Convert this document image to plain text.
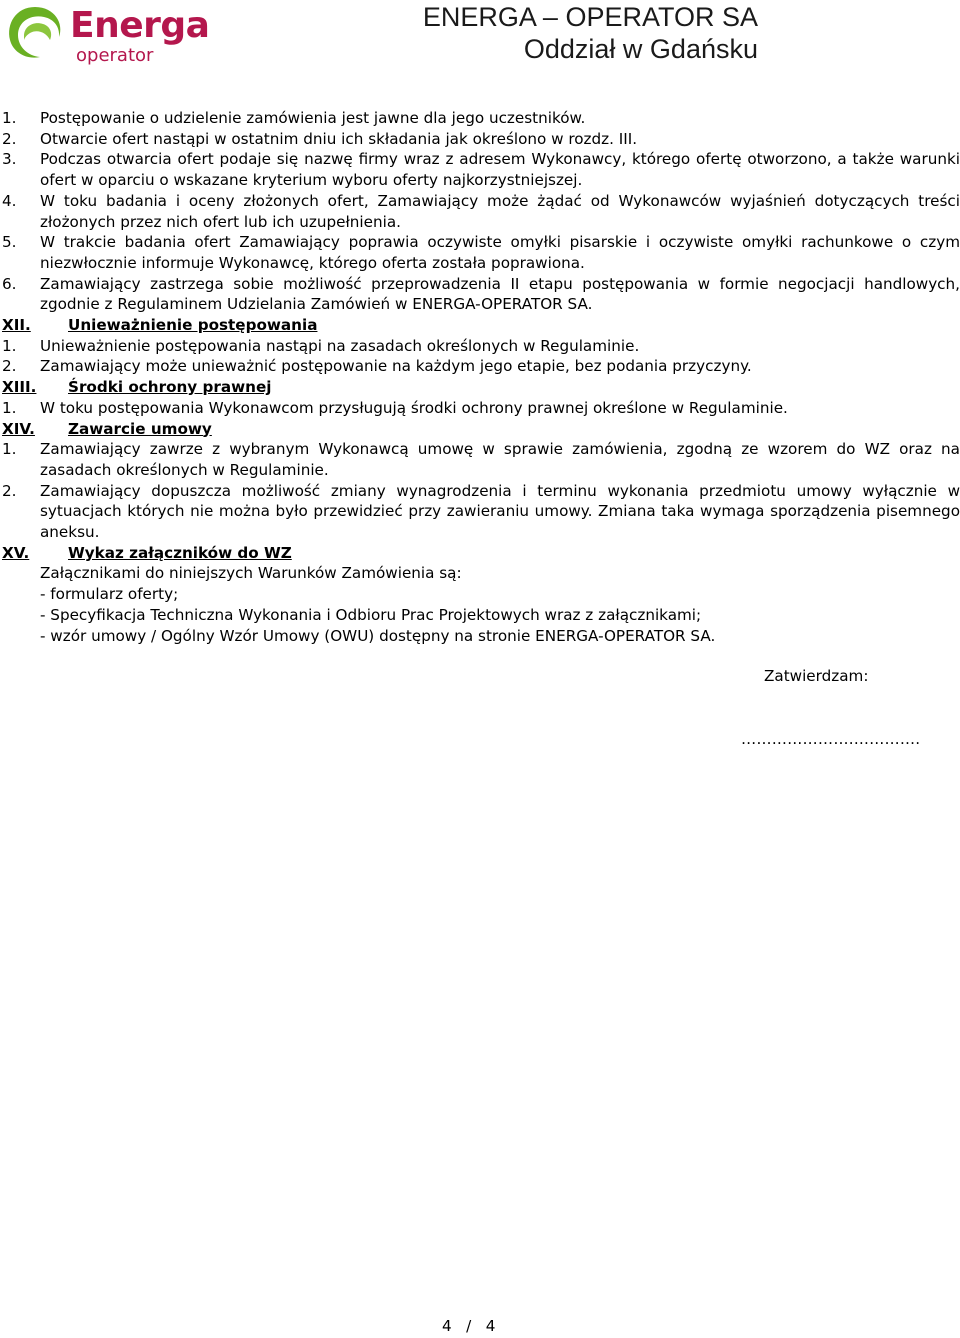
Energa
operator
ENERGA – OPERATOR SA
Oddział w Gdańsku
1. Postępowanie o udzielenie zamówienia jest jawne dla jego uczestników.
2. Otwarcie ofert nastąpi w ostatnim dniu ich składania jak określono w rozdz. III.
3. Podczas otwarcia ofert podaje się nazwę firmy wraz z adresem Wykonawcy, którego ofertę otworzono, a także warunki ofert w oparciu o wskazane kryterium wyboru oferty najkorzystniejszej.
4. W toku badania i oceny złożonych ofert, Zamawiający może żądać od Wykonawców wyjaśnień dotyczących treści złożonych przez nich ofert lub ich uzupełnienia.
5. W trakcie badania ofert Zamawiający poprawia oczywiste omyłki pisarskie i oczywiste omyłki rachunkowe o czym niezwłocznie informuje Wykonawcę, którego oferta została poprawiona.
6. Zamawiający zastrzega sobie możliwość przeprowadzenia II etapu postępowania w formie negocjacji handlowych, zgodnie z Regulaminem Udzielania Zamówień w ENERGA-OPERATOR SA.
XII. Unieważnienie postępowania
1. Unieważnienie postępowania nastąpi na zasadach określonych w Regulaminie.
2. Zamawiający może unieważnić postępowanie na każdym jego etapie, bez podania przyczyny.
XIII. Środki ochrony prawnej
1. W toku postępowania Wykonawcom przysługują środki ochrony prawnej określone w Regulaminie.
XIV. Zawarcie umowy
1. Zamawiający zawrze z wybranym Wykonawcą umowę w sprawie zamówienia, zgodną ze wzorem do WZ oraz na zasadach określonych w Regulaminie.
2. Zamawiający dopuszcza możliwość zmiany wynagrodzenia i terminu wykonania przedmiotu umowy wyłącznie w sytuacjach których nie można było przewidzieć przy zawieraniu umowy. Zmiana taka wymaga sporządzenia pisemnego aneksu.
XV.	Wykaz załączników do WZ
Załącznikami do niniejszych Warunków Zamówienia są:
- formularz oferty;
- Specyfikacja Techniczna Wykonania i Odbioru Prac Projektowych wraz z załącznikami;
- wzór umowy / Ogólny Wzór Umowy (OWU) dostępny na stronie ENERGA-OPERATOR SA.
Zatwierdzam:
………………….………….
4 / 4
